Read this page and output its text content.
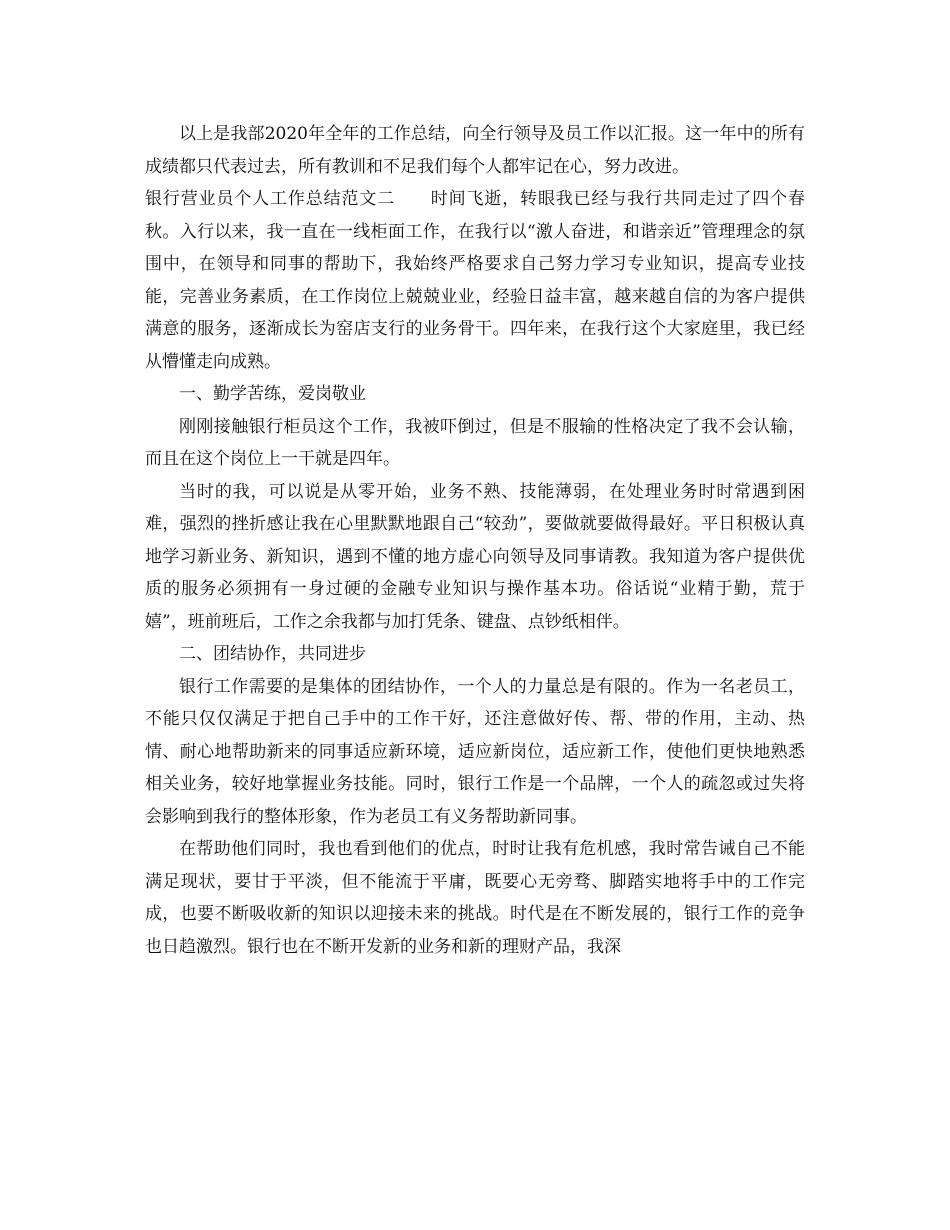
以上是我部2020年全年的工作总结，向全行领导及员工作以汇报。这一年中的所有成绩都只代表过去，所有教训和不足我们每个人都牢记在心，努力改进。

银行营业员个人工作总结范文二　　时间飞逝，转眼我已经与我行共同走过了四个春秋。入行以来，我一直在一线柜面工作，在我行以“激人奋进，和谐亲近”管理理念的氛围中，在领导和同事的帮助下，我始终严格要求自己努力学习专业知识，提高专业技能，完善业务素质，在工作岗位上兢兢业业，经验日益丰富，越来越自信的为客户提供满意的服务，逐渐成长为窑店支行的业务骨干。四年来，在我行这个大家庭里，我已经从懵懂走向成熟。

一、勤学苦练，爱岗敬业

刚刚接触银行柜员这个工作，我被吓倒过，但是不服输的性格决定了我不会认输，而且在这个岗位上一干就是四年。

当时的我，可以说是从零开始，业务不熟、技能薄弱，在处理业务时时常遇到困难，强烈的挫折感让我在心里默默地跟自己“较劲”，要做就要做得最好。平日积极认真地学习新业务、新知识，遇到不懂的地方虚心向领导及同事请教。我知道为客户提供优质的服务必须拥有一身过硬的金融专业知识与操作基本功。俗话说“业精于勤，荒于嬉”，班前班后，工作之余我都与加打凭条、键盘、点钞纸相伴。

二、团结协作，共同进步

银行工作需要的是集体的团结协作，一个人的力量总是有限的。作为一名老员工，不能只仅仅满足于把自己手中的工作干好，还注意做好传、帮、带的作用，主动、热情、耐心地帮助新来的同事适应新环境，适应新岗位，适应新工作，使他们更快地熟悉相关业务，较好地掌握业务技能。同时，银行工作是一个品牌，一个人的疏忽或过失将会影响到我行的整体形象，作为老员工有义务帮助新同事。

在帮助他们同时，我也看到他们的优点，时时让我有危机感，我时常告诫自己不能满足现状，要甘于平淡，但不能流于平庸，既要心无旁骛、脚踏实地将手中的工作完成，也要不断吸收新的知识以迎接未来的挑战。时代是在不断发展的，银行工作的竞争也日趋激烈。银行也在不断开发新的业务和新的理财产品，我深
